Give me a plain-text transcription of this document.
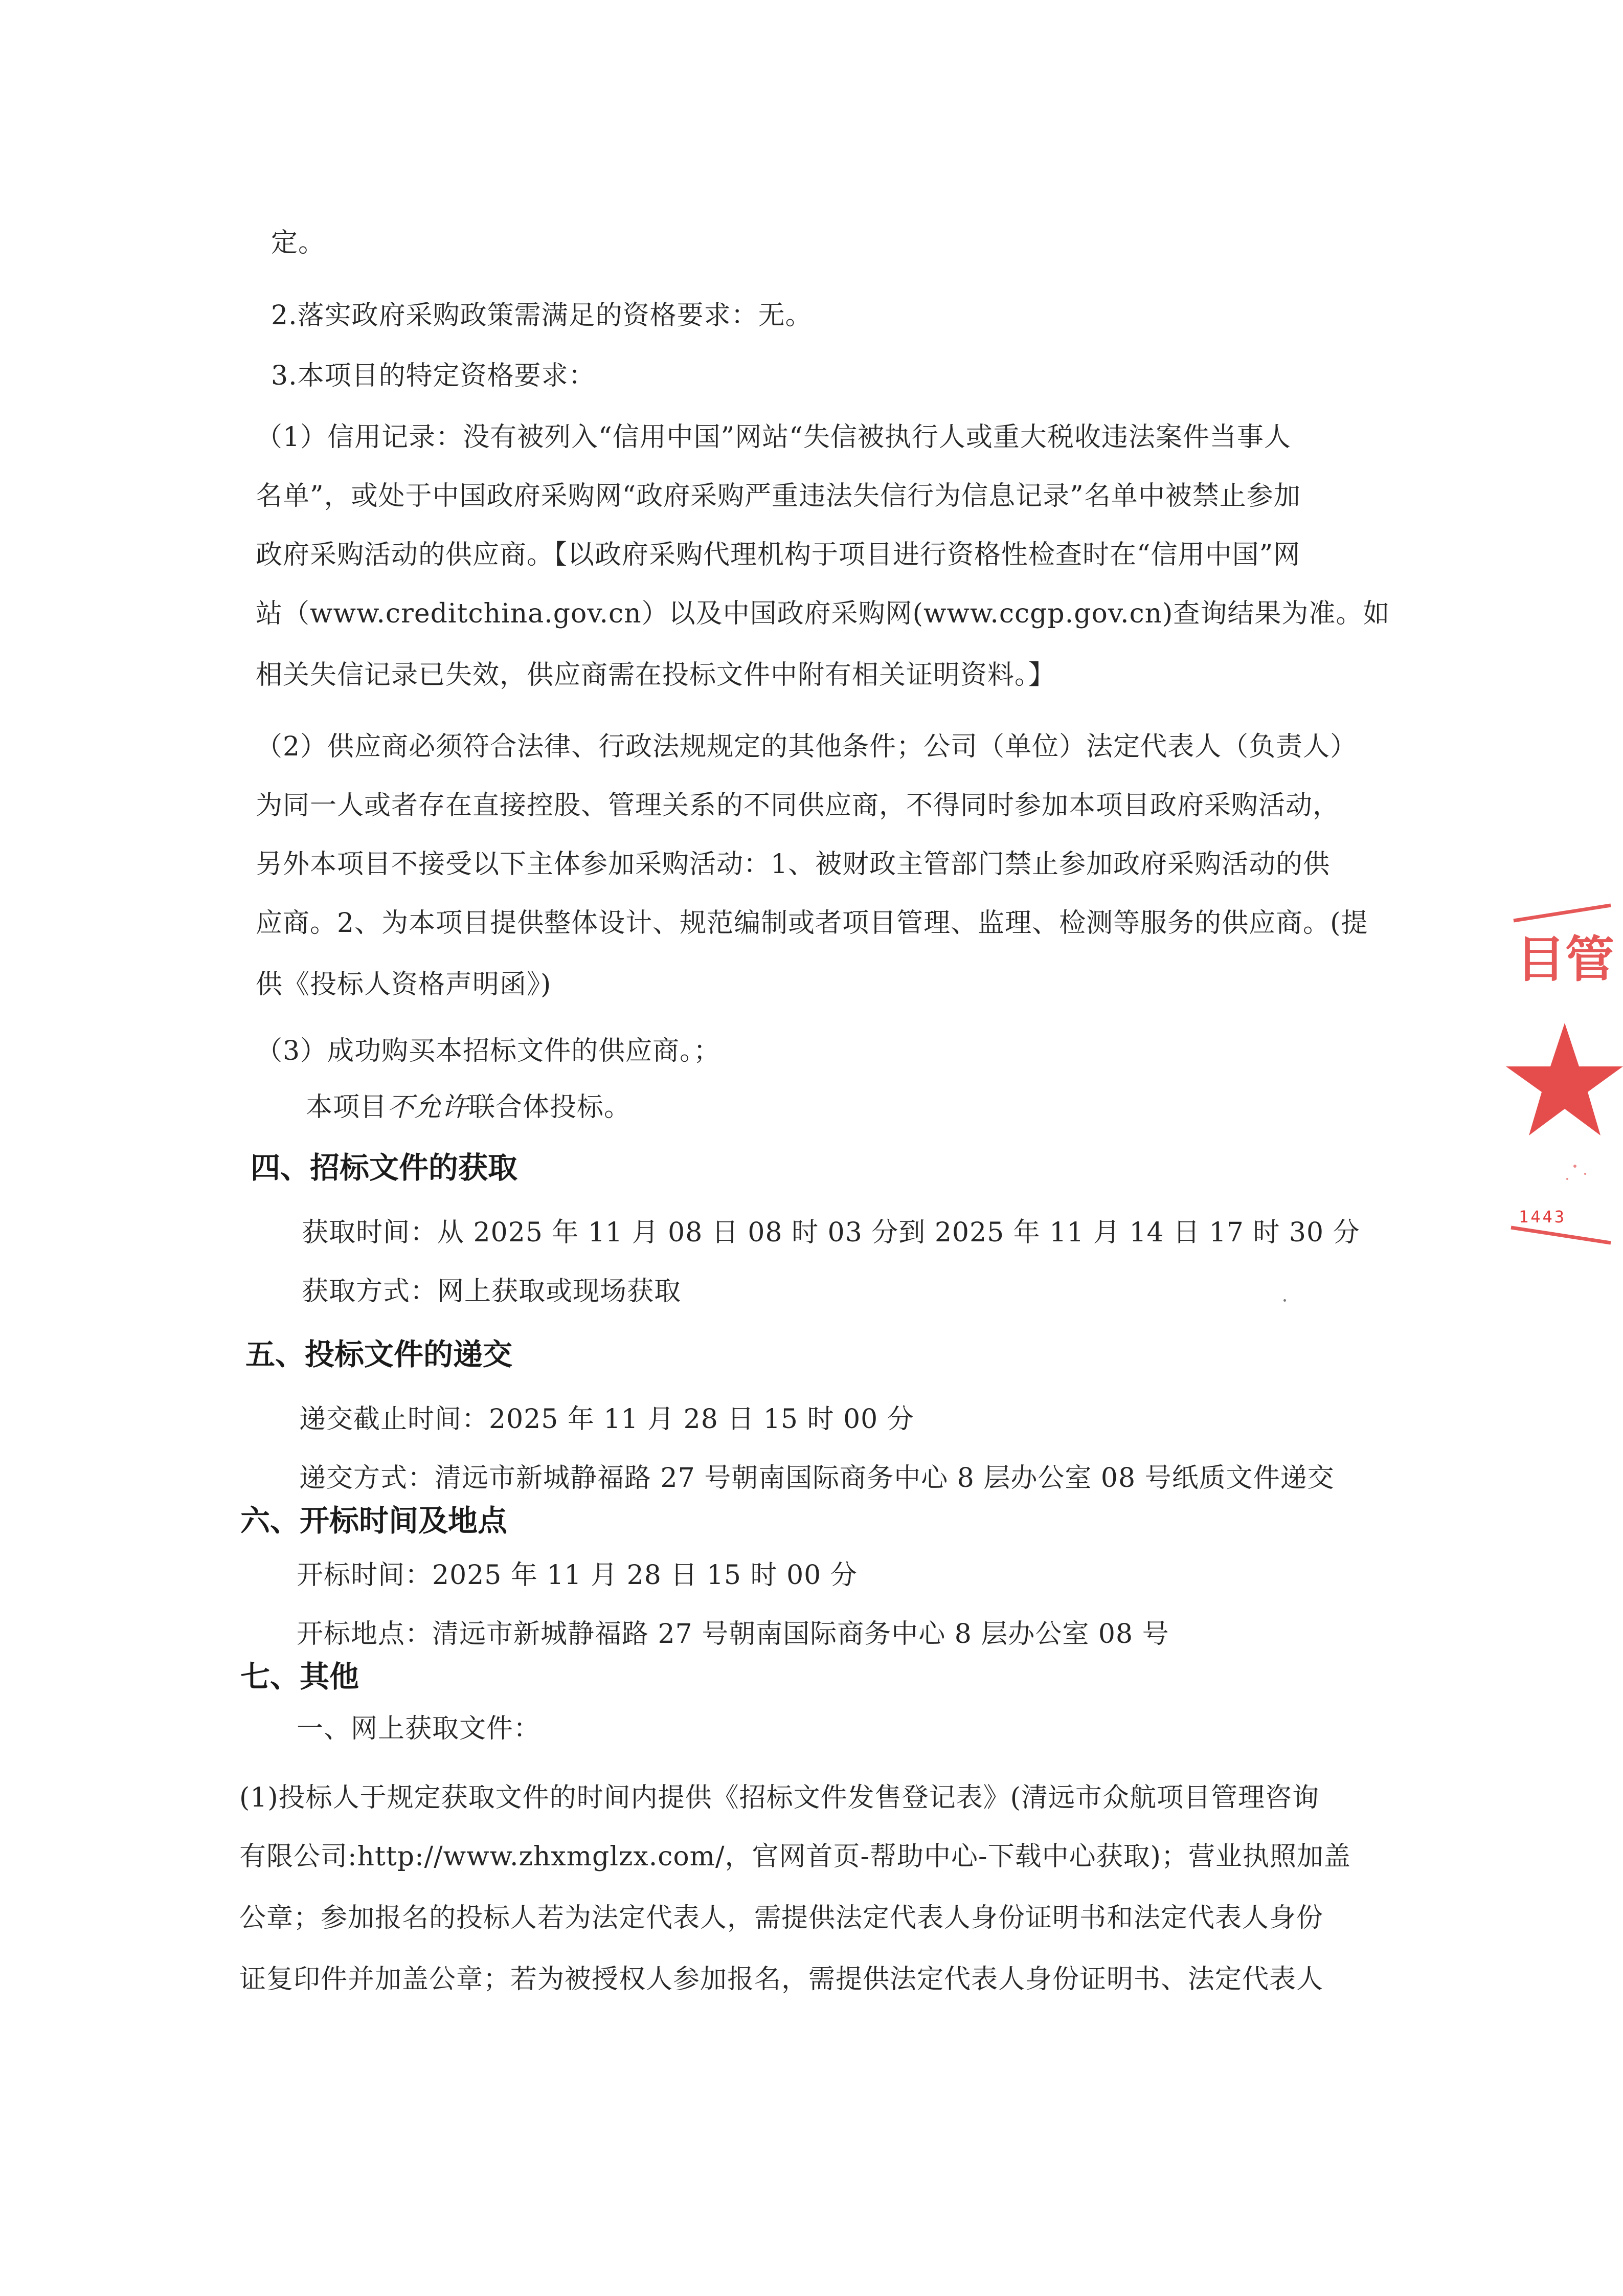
定。
2.落实政府采购政策需满足的资格要求：无。
3.本项目的特定资格要求：
（1）信用记录：没有被列入“信用中国”网站“失信被执行人或重大税收违法案件当事人
名单”，或处于中国政府采购网“政府采购严重违法失信行为信息记录”名单中被禁止参加
政府采购活动的供应商。【以政府采购代理机构于项目进行资格性检查时在“信用中国”网
站（www.creditchina.gov.cn）以及中国政府采购网(www.ccgp.gov.cn)查询结果为准。如
相关失信记录已失效，供应商需在投标文件中附有相关证明资料。】
（2）供应商必须符合法律、行政法规规定的其他条件；公司（单位）法定代表人（负责人）
为同一人或者存在直接控股、管理关系的不同供应商，不得同时参加本项目政府采购活动，
另外本项目不接受以下主体参加采购活动：1、被财政主管部门禁止参加政府采购活动的供
应商。2、为本项目提供整体设计、规范编制或者项目管理、监理、检测等服务的供应商。(提
供《投标人资格声明函》)
（3）成功购买本招标文件的供应商。；
本项目不允许联合体投标。
四、招标文件的获取
获取时间：从 2025 年 11 月 08 日 08 时 03 分到 2025 年 11 月 14 日 17 时 30 分
获取方式：网上获取或现场获取
五、投标文件的递交
递交截止时间：2025 年 11 月 28 日 15 时 00 分
递交方式：清远市新城静福路 27 号朝南国际商务中心 8 层办公室 08 号纸质文件递交
六、开标时间及地点
开标时间：2025 年 11 月 28 日 15 时 00 分
开标地点：清远市新城静福路 27 号朝南国际商务中心 8 层办公室 08 号
七、其他
一、网上获取文件：
(1)投标人于规定获取文件的时间内提供《招标文件发售登记表》(清远市众航项目管理咨询
有限公司:http://www.zhxmglzx.com/，官网首页-帮助中心-下载中心获取)；营业执照加盖
公章；参加报名的投标人若为法定代表人，需提供法定代表人身份证明书和法定代表人身份
证复印件并加盖公章；若为被授权人参加报名，需提供法定代表人身份证明书、法定代表人
目管
1443
